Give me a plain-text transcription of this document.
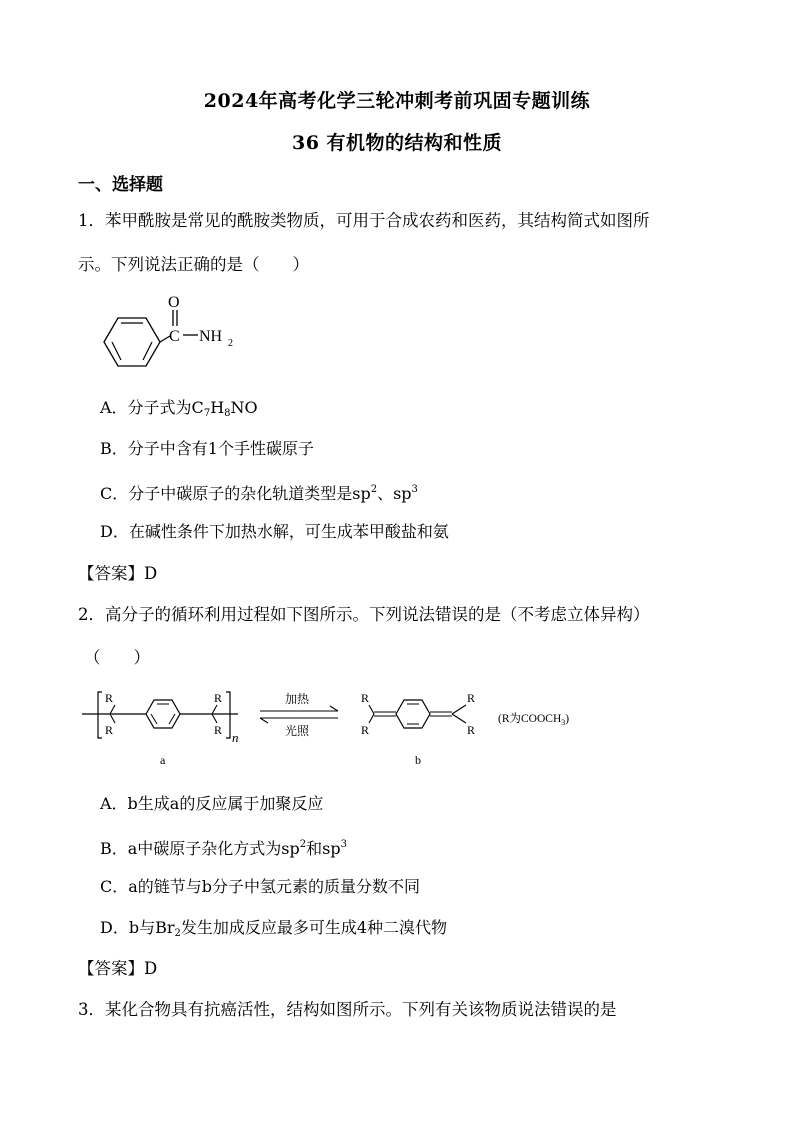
2024年高考化学三轮冲刺考前巩固专题训练
36 有机物的结构和性质
一、选择题
1．苯甲酰胺是常见的酰胺类物质，可用于合成农药和医药，其结构简式如图所
示。下列说法正确的是（　　）
O
C NH 2
A．分子式为$C_7H_8NO$
B．分子中含有1个手性碳原子
C．分子中碳原子的杂化轨道类型是$sp^2$、$sp^3$
D．在碱性条件下加热水解，可生成苯甲酸盐和氨
【答案】D
2．高分子的循环利用过程如下图所示。下列说法错误的是（不考虑立体异构）
（　　）
R
R
R
R n
a
加热
光照
R
R
R
R
b
(R为$COOCH_3$)
A．b生成a的反应属于加聚反应
B．a中碳原子杂化方式为$sp^2$和$sp^3$
C．a的链节与b分子中氢元素的质量分数不同
D．b与$Br_2$发生加成反应最多可生成4种二溴代物
【答案】D
3．某化合物具有抗癌活性，结构如图所示。下列有关该物质说法错误的是
